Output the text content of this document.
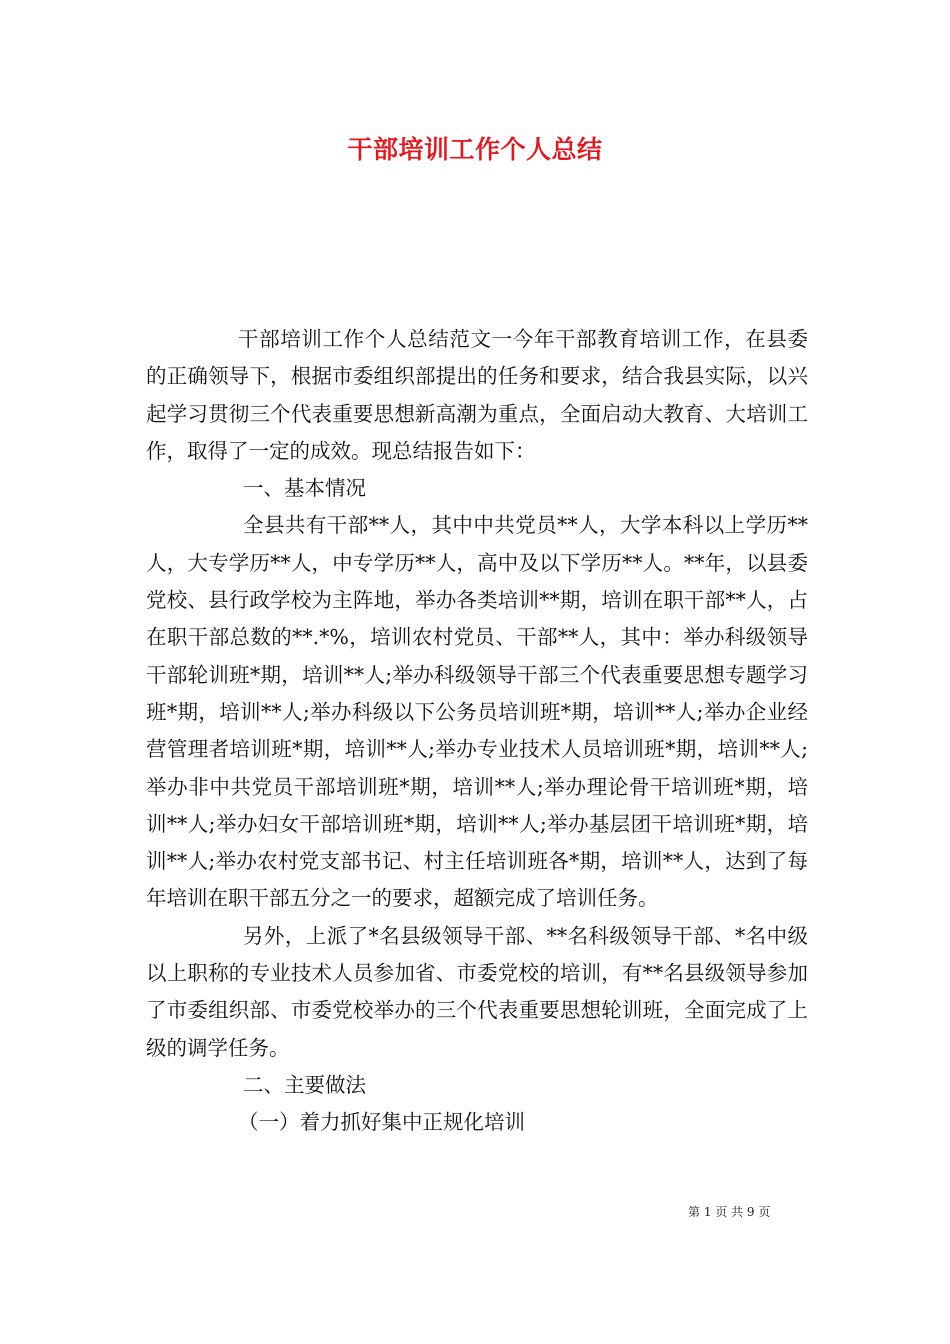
干部培训工作个人总结

干部培训工作个人总结范文一今年干部教育培训工作，在县委的正确领导下，根据市委组织部提出的任务和要求，结合我县实际，以兴起学习贯彻三个代表重要思想新高潮为重点，全面启动大教育、大培训工作，取得了一定的成效。现总结报告如下：

一、基本情况

全县共有干部**人，其中中共党员**人，大学本科以上学历**人，大专学历**人，中专学历**人，高中及以下学历**人。**年，以县委党校、县行政学校为主阵地，举办各类培训**期，培训在职干部**人，占在职干部总数的**.*%，培训农村党员、干部**人，其中：举办科级领导干部轮训班*期，培训**人;举办科级领导干部三个代表重要思想专题学习班*期，培训**人;举办科级以下公务员培训班*期，培训**人;举办企业经营管理者培训班*期，培训**人;举办专业技术人员培训班*期，培训**人;举办非中共党员干部培训班*期，培训**人;举办理论骨干培训班*期，培训**人;举办妇女干部培训班*期，培训**人;举办基层团干培训班*期，培训**人;举办农村党支部书记、村主任培训班各*期，培训**人，达到了每年培训在职干部五分之一的要求，超额完成了培训任务。

另外，上派了*名县级领导干部、**名科级领导干部、*名中级以上职称的专业技术人员参加省、市委党校的培训，有**名县级领导参加了市委组织部、市委党校举办的三个代表重要思想轮训班，全面完成了上级的调学任务。

二、主要做法

（一）着力抓好集中正规化培训

第 1 页 共 9 页
